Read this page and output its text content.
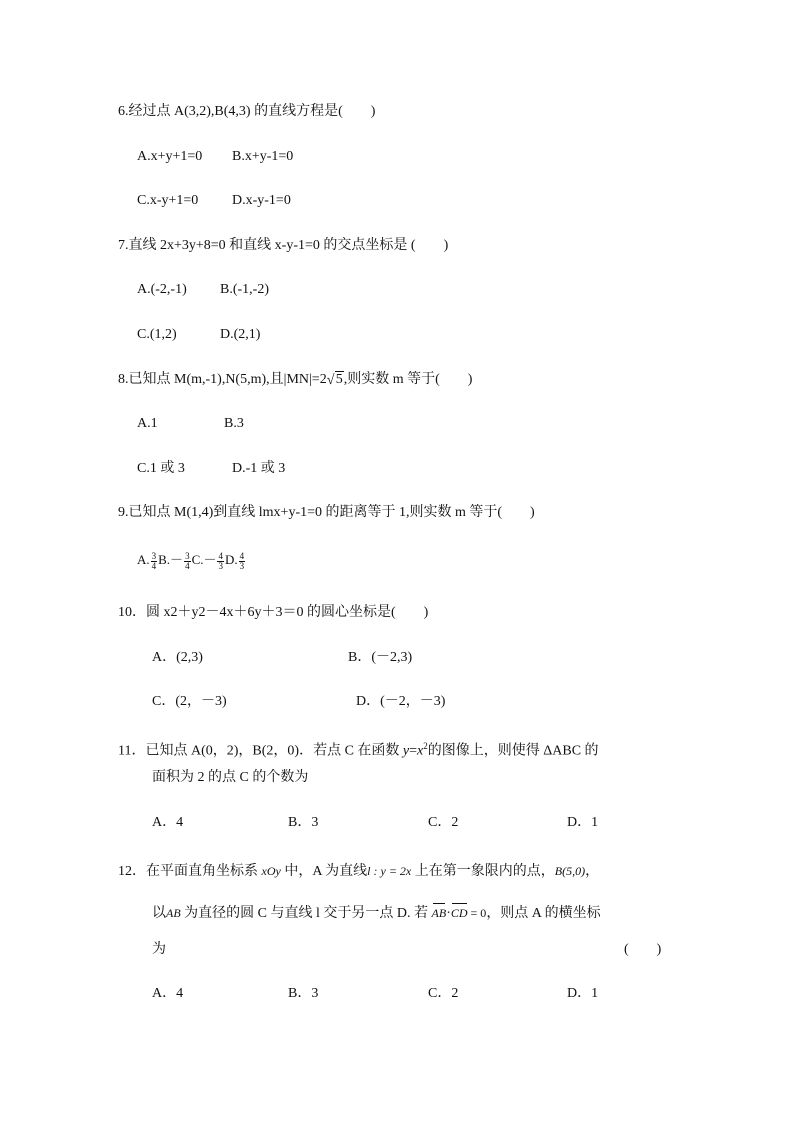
6.经过点 A(3,2),B(4,3) 的直线方程是(　　)
A.x+y+1=0 B.x+y-1=0
C.x-y+1=0 D.x-y-1=0
7.直线 2x+3y+8=0 和直线 x-y-1=0 的交点坐标是 (　　)
A.(-2,-1) B.(-1,-2)
C.(1,2)	D.(2,1)
8.已知点 M(m,-1),N(5,m),且|MN|=2 √ 5,则实数 m 等于(　　)
A.1	B.3
C.1 或 3	D.-1 或 3
9.已知点 M(1,4)到直线 lmx+y-1=0 的距离等于 1,则实数 m 等于(　　)
A. $\frac{3}{4} B.- \frac{3}{4} C.- \frac{4}{3} D$. $\frac{4}{3}$
10．圆 x2＋y2－4x＋6y＋3＝0 的圆心坐标是(　　)
A．(2,3)	B．(－2,3)
C．(2，－3)	D．(－2，－3)
11．已知点 A(0，2)，B(2，0)．若点 C 在函数 $y=x^2$的图像上，则使得 ΔABC 的
面积为 2 的点 C 的个数为
A．4	B．3	C．2	D．1
12．在平面直角坐标系 xOy 中，A 为直线l : y = 2x 上在第一象限内的点，B(5,0)，
以AB 为直径的圆 C 与直线 l 交于另一点 D. 若 AB·CD = 0，则点 A 的横坐标
为	(　　)
A．4	B．3	C．2	D．1
